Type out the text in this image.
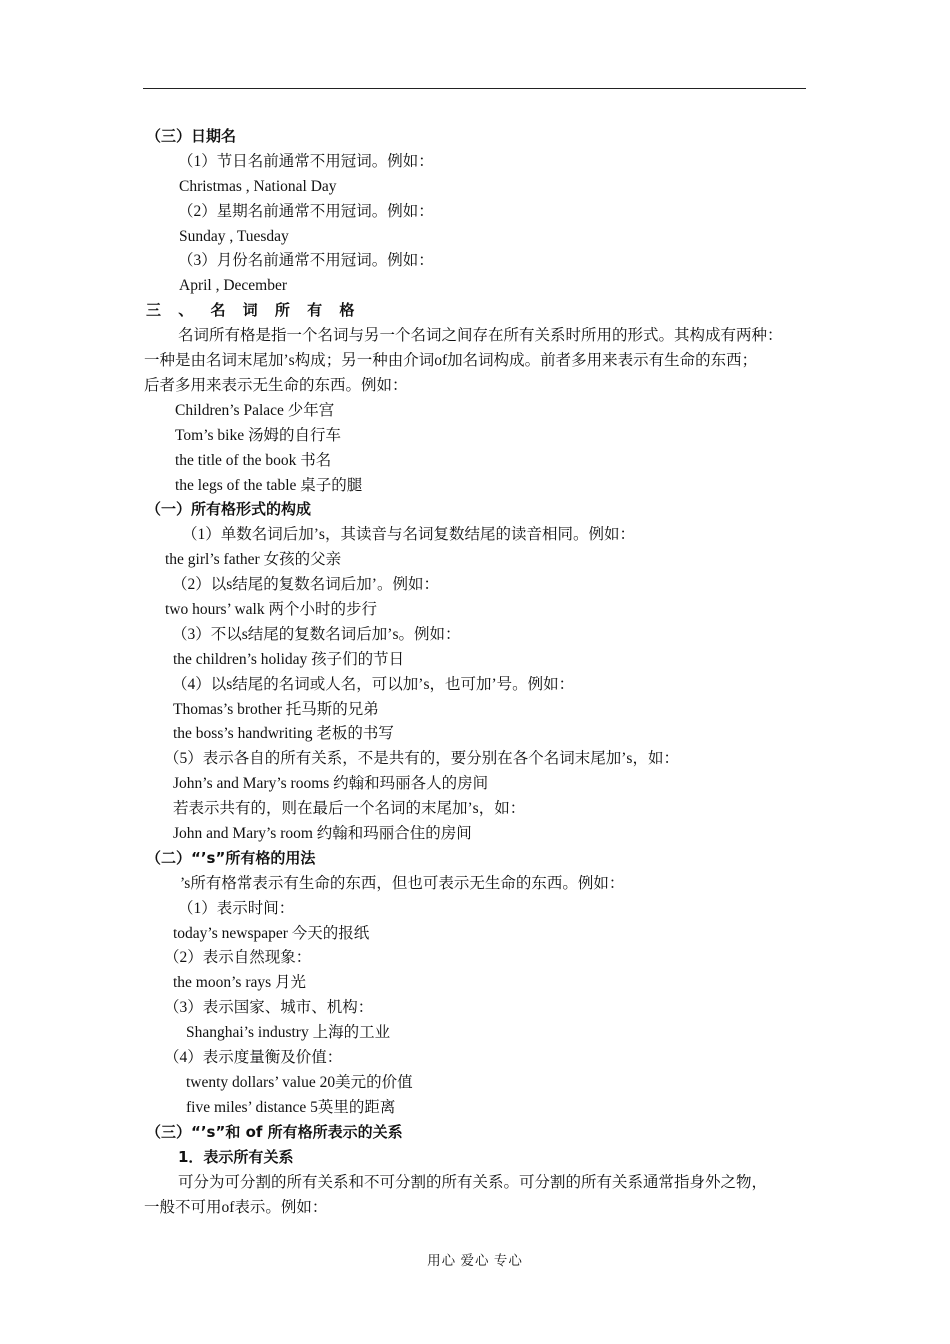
（三）日期名
（1）节日名前通常不用冠词。例如：
Christmas , National Day
（2）星期名前通常不用冠词。例如：
Sunday , Tuesday
（3）月份名前通常不用冠词。例如：
April , December
三 、 名 词 所 有 格
名词所有格是指一个名词与另一个名词之间存在所有关系时所用的形式。其构成有两种：
一种是由名词末尾加’s构成；另一种由介词of加名词构成。前者多用来表示有生命的东西；
后者多用来表示无生命的东西。例如：
Children’s Palace 少年宫
Tom’s bike 汤姆的自行车
the title of the book 书名
the legs of the table 桌子的腿
（一）所有格形式的构成
（1）单数名词后加’s，其读音与名词复数结尾的读音相同。例如：
the girl’s father 女孩的父亲
（2）以s结尾的复数名词后加’。例如：
two hours’ walk 两个小时的步行
（3）不以s结尾的复数名词后加’s。例如：
the children’s holiday 孩子们的节日
（4）以s结尾的名词或人名，可以加’s，也可加’号。例如：
Thomas’s brother 托马斯的兄弟
the boss’s handwriting 老板的书写
（5）表示各自的所有关系，不是共有的，要分别在各个名词末尾加’s，如：
John’s and Mary’s rooms 约翰和玛丽各人的房间
若表示共有的，则在最后一个名词的末尾加’s，如：
John and Mary’s room 约翰和玛丽合住的房间
（二）“’s”所有格的用法
’s所有格常表示有生命的东西，但也可表示无生命的东西。例如：
（1）表示时间：
today’s newspaper 今天的报纸
（2）表示自然现象：
the moon’s rays 月光
（3）表示国家、城市、机构：
Shanghai’s industry 上海的工业
（4）表示度量衡及价值：
twenty dollars’ value 20美元的价值
five miles’ distance 5英里的距离
（三）“’s”和 of 所有格所表示的关系
1．表示所有关系
可分为可分割的所有关系和不可分割的所有关系。可分割的所有关系通常指身外之物，
一般不可用of表示。例如：
用心 爱心 专心
